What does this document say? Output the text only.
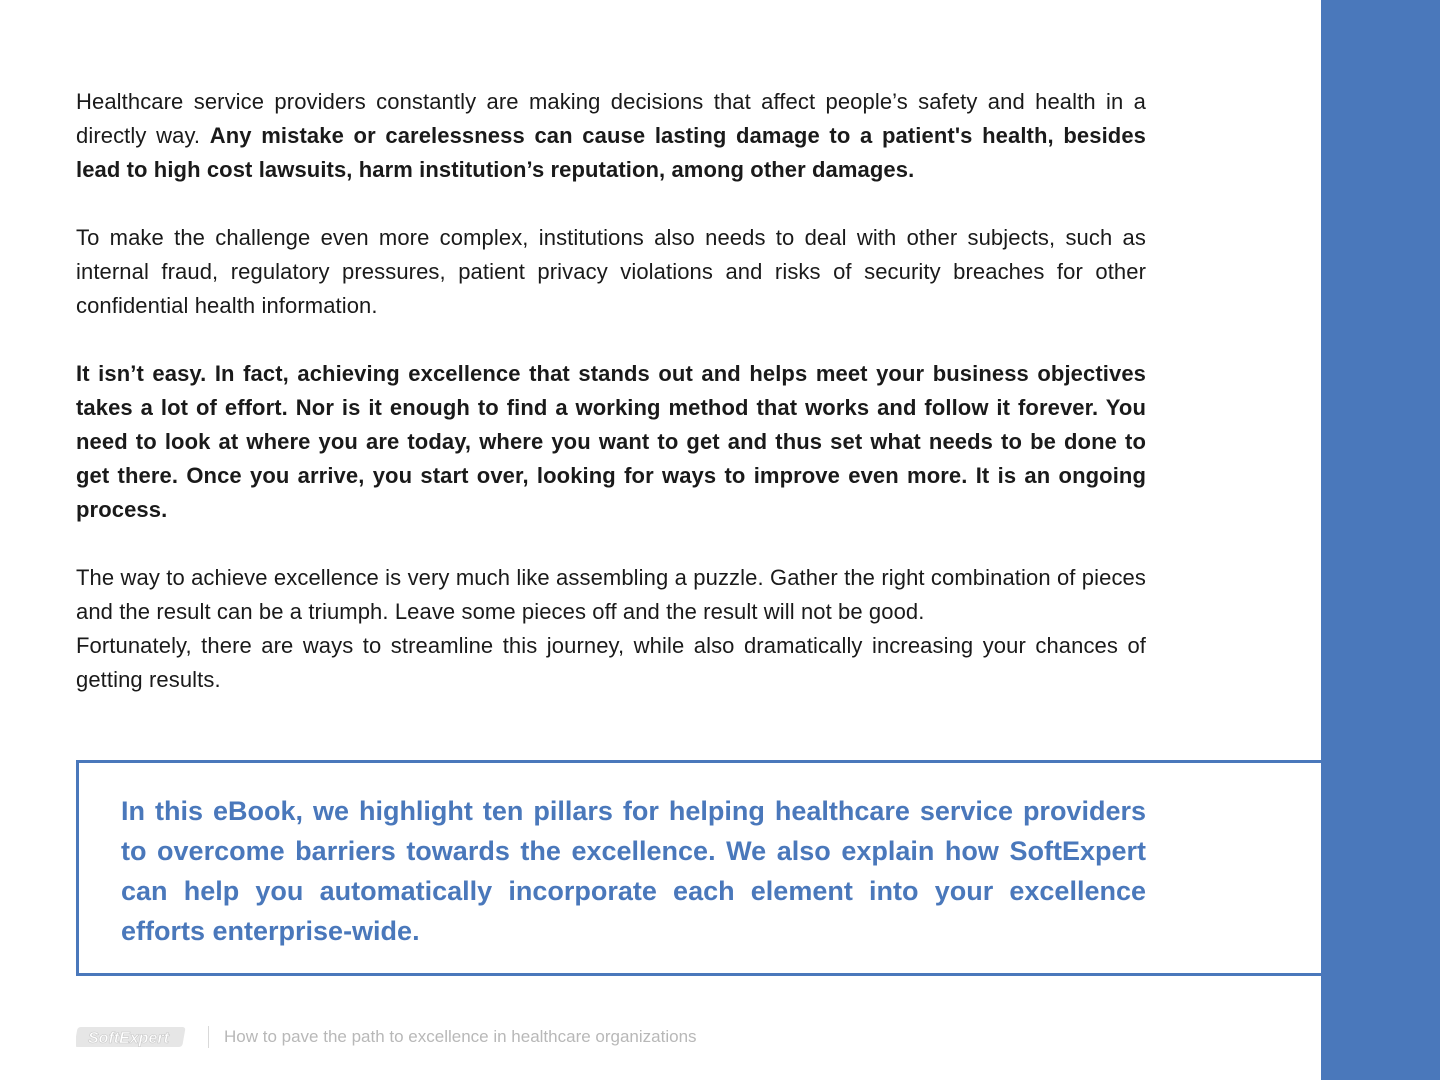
Healthcare service providers constantly are making decisions that affect people’s safety and health in a directly way. Any mistake or carelessness can cause lasting damage to a patient's health, besides lead to high cost lawsuits, harm institution’s reputation, among other damages.

To make the challenge even more complex, institutions also needs to deal with other subjects, such as internal fraud, regulatory pressures, patient privacy violations and risks of security breaches for other confidential health information.

It isn’t easy. In fact, achieving excellence that stands out and helps meet your business objectives takes a lot of effort. Nor is it enough to find a working method that works and follow it forever. You need to look at where you are today, where you want to get and thus set what needs to be done to get there. Once you arrive, you start over, looking for ways to improve even more. It is an ongoing process.

The way to achieve excellence is very much like assembling a puzzle. Gather the right combination of pieces and the result can be a triumph. Leave some pieces off and the result will not be good.
Fortunately, there are ways to streamline this journey, while also dramatically increasing your chances of getting results.

In this eBook, we highlight ten pillars for helping healthcare service providers to overcome barriers towards the excellence. We also explain how SoftExpert can help you automatically incorporate each element into your excellence efforts enterprise-wide.

SoftExpert	How to pave the path to excellence in healthcare organizations
